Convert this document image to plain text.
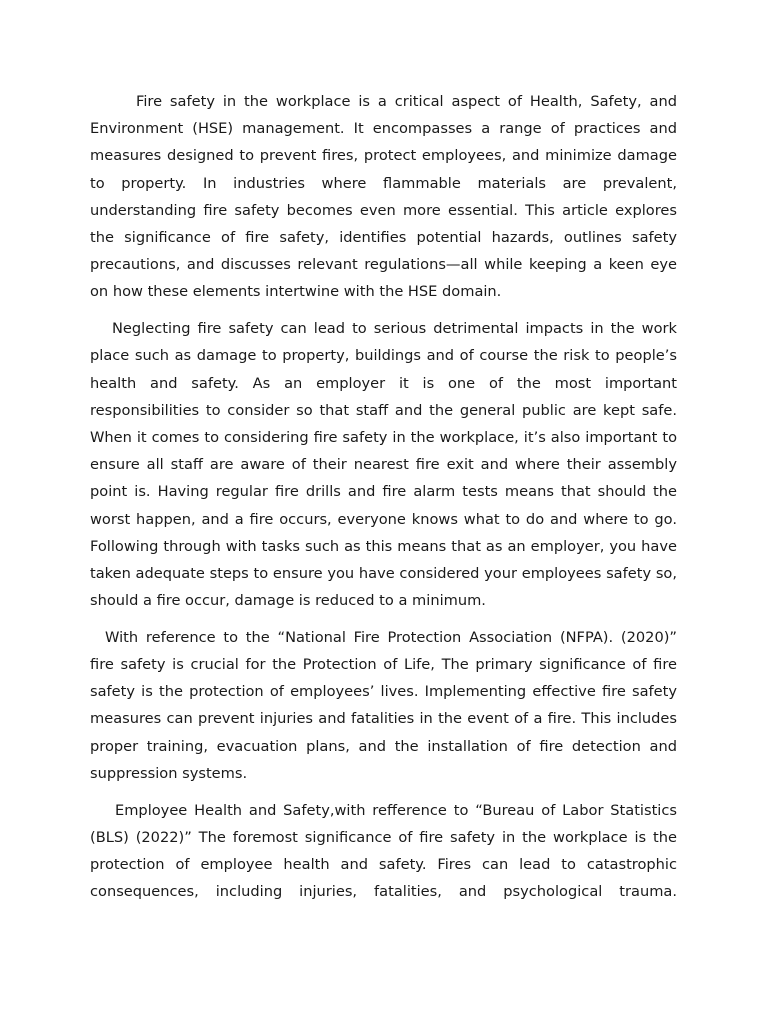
Fire safety in the workplace is a critical aspect of Health, Safety, and Environment (HSE) management. It encompasses a range of practices and measures designed to prevent fires, protect employees, and minimize damage to property. In industries where flammable materials are prevalent, understanding fire safety becomes even more essential. This article explores the significance of fire safety, identifies potential hazards, outlines safety precautions, and discusses relevant regulations—all while keeping a keen eye on how these elements intertwine with the HSE domain.

Neglecting fire safety can lead to serious detrimental impacts in the work place such as damage to property, buildings and of course the risk to people’s health and safety. As an employer it is one of the most important responsibilities to consider so that staff and the general public are kept safe. When it comes to considering fire safety in the workplace, it’s also important to ensure all staff are aware of their nearest fire exit and where their assembly point is. Having regular fire drills and fire alarm tests means that should the worst happen, and a fire occurs, everyone knows what to do and where to go. Following through with tasks such as this means that as an employer, you have taken adequate steps to ensure you have considered your employees safety so, should a fire occur, damage is reduced to a minimum.

With reference to the “National Fire Protection Association (NFPA). (2020)” fire safety is crucial for the Protection of Life, The primary significance of fire safety is the protection of employees’ lives. Implementing effective fire safety measures can prevent injuries and fatalities in the event of a fire. This includes proper training, evacuation plans, and the installation of fire detection and suppression systems.

Employee Health and Safety,with refference to “Bureau of Labor Statistics (BLS) (2022)” The foremost significance of fire safety in the workplace is the protection of employee health and safety. Fires can lead to catastrophic consequences, including injuries, fatalities, and psychological trauma.
